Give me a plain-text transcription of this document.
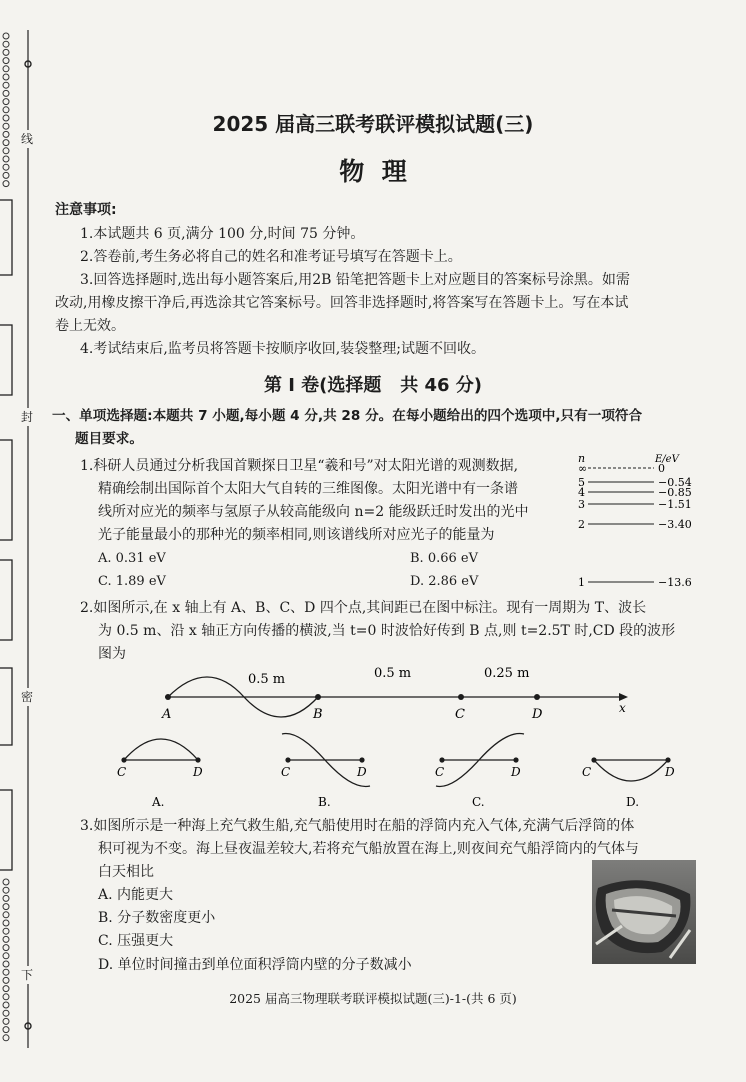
线
封
密
下
2025 届高三联考联评模拟试题(三)
物  理
注意事项:
1.本试题共 6 页,满分 100 分,时间 75 分钟。
2.答卷前,考生务必将自己的姓名和准考证号填写在答题卡上。
3.回答选择题时,选出每小题答案后,用2B 铅笔把答题卡上对应题目的答案标号涂黑。如需
改动,用橡皮擦干净后,再选涂其它答案标号。回答非选择题时,将答案写在答题卡上。写在本试
卷上无效。
4.考试结束后,监考员将答题卡按顺序收回,装袋整理;试题不回收。
第 I 卷(选择题   共 46 分)
一、单项选择题:本题共 7 小题,每小题 4 分,共 28 分。在每小题给出的四个选项中,只有一项符合
题目要求。
1.科研人员通过分析我国首颗探日卫星“羲和号”对太阳光谱的观测数据,
精确绘制出国际首个太阳大气自转的三维图像。太阳光谱中有一条谱
线所对应光的频率与氢原子从较高能级向 n=2 能级跃迁时发出的光中
光子能量最小的那种光的频率相同,则该谱线所对应光子的能量为
A. 0.31 eV	B. 0.66 eV
C. 1.89 eV	D. 2.86 eV
n	E/eV
∞	0
5	−0.54
4	−0.85
3	−1.51
2	−3.40
1	−13.6
2.如图所示,在 x 轴上有 A、B、C、D 四个点,其间距已在图中标注。现有一周期为 T、波长
为 0.5 m、沿 x 轴正方向传播的横波,当 t=0 时波恰好传到 B 点,则 t=2.5T 时,CD 段的波形
图为
0.5 m	0.5 m	0.25 m
A	B	C	D	x
C	D
A.
C	D
B.
C	D
C.
C	D
D.
3.如图所示是一种海上充气救生船,充气船使用时在船的浮筒内充入气体,充满气后浮筒的体
积可视为不变。海上昼夜温差较大,若将充气船放置在海上,则夜间充气船浮筒内的气体与
白天相比
A. 内能更大
B. 分子数密度更小
C. 压强更大
D. 单位时间撞击到单位面积浮筒内壁的分子数减小
2025 届高三物理联考联评模拟试题(三)-1-(共 6 页)
